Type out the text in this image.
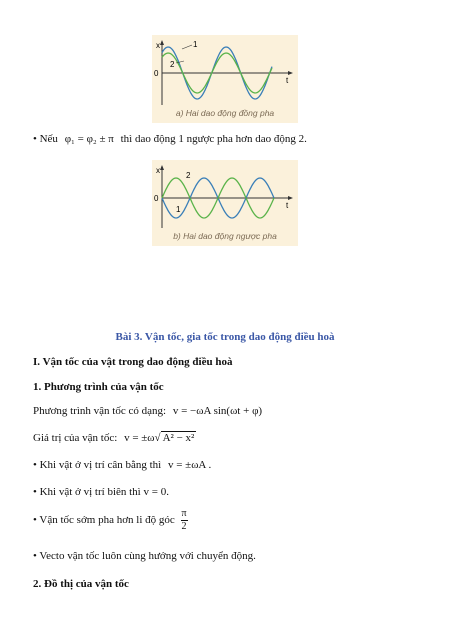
x
0
t
1
2
a) Hai dao động đồng pha
• Nếu φ₁ = φ₂ ± π thì dao động 1 ngược pha hơn dao động 2.
x
0
t
1
2
b) Hai dao động ngược pha
Bài 3. Vận tốc, gia tốc trong dao động điều hoà
I. Vận tốc của vật trong dao động điều hoà
1. Phương trình của vận tốc
Phương trình vận tốc có dạng: v = −ωA sin(ωt + φ)
Giá trị của vận tốc: v = ±ω√ A² − x²
• Khi vật ở vị trí cân bằng thì v = ±ωA .
• Khi vật ở vị trí biên thì v = 0.
• Vận tốc sớm pha hơn li độ góc $\frac{\pi}{2}$
• Vecto vận tốc luôn cùng hướng với chuyển động.
2. Đồ thị của vận tốc
